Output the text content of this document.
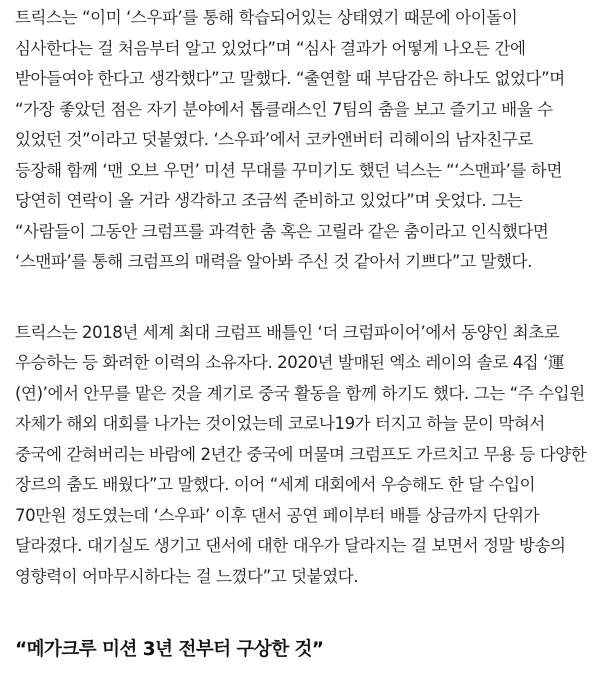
트릭스는 “이미 ‘스우파’를 통해 학습되어있는 상태였기 때문에 아이돌이
심사한다는 걸 처음부터 알고 있었다”며 “심사 결과가 어떻게 나오든 간에
받아들여야 한다고 생각했다”고 말했다. “출연할 때 부담감은 하나도 없었다”며
“가장 좋았던 점은 자기 분야에서 톱클래스인 7팀의 춤을 보고 즐기고 배울 수
있었던 것”이라고 덧붙였다. ‘스우파’에서 코카앤버터 리헤이의 남자친구로
등장해 함께 ‘맨 오브 우먼’ 미션 무대를 꾸미기도 했던 넉스는 “‘스맨파’를 하면
당연히 연락이 올 거라 생각하고 조금씩 준비하고 있었다”며 웃었다. 그는
“사람들이 그동안 크럼프를 과격한 춤 혹은 고릴라 같은 춤이라고 인식했다면
‘스맨파’를 통해 크럼프의 매력을 알아봐 주신 것 같아서 기쁘다”고 말했다.

트릭스는 2018년 세계 최대 크럼프 배틀인 ‘더 크럼파이어’에서 동양인 최초로
우승하는 등 화려한 이력의 소유자다. 2020년 발매된 엑소 레이의 솔로 4집 ‘運
(연)’에서 안무를 맡은 것을 계기로 중국 활동을 함께 하기도 했다. 그는 “주 수입원
자체가 해외 대회를 나가는 것이었는데 코로나19가 터지고 하늘 문이 막혀서
중국에 갇혀버리는 바람에 2년간 중국에 머물며 크럼프도 가르치고 무용 등 다양한
장르의 춤도 배웠다”고 말했다. 이어 “세계 대회에서 우승해도 한 달 수입이
70만원 정도였는데 ‘스우파’ 이후 댄서 공연 페이부터 배틀 상금까지 단위가
달라졌다. 대기실도 생기고 댄서에 대한 대우가 달라지는 걸 보면서 정말 방송의
영향력이 어마무시하다는 걸 느꼈다”고 덧붙였다.

“메가크루 미션 3년 전부터 구상한 것”
